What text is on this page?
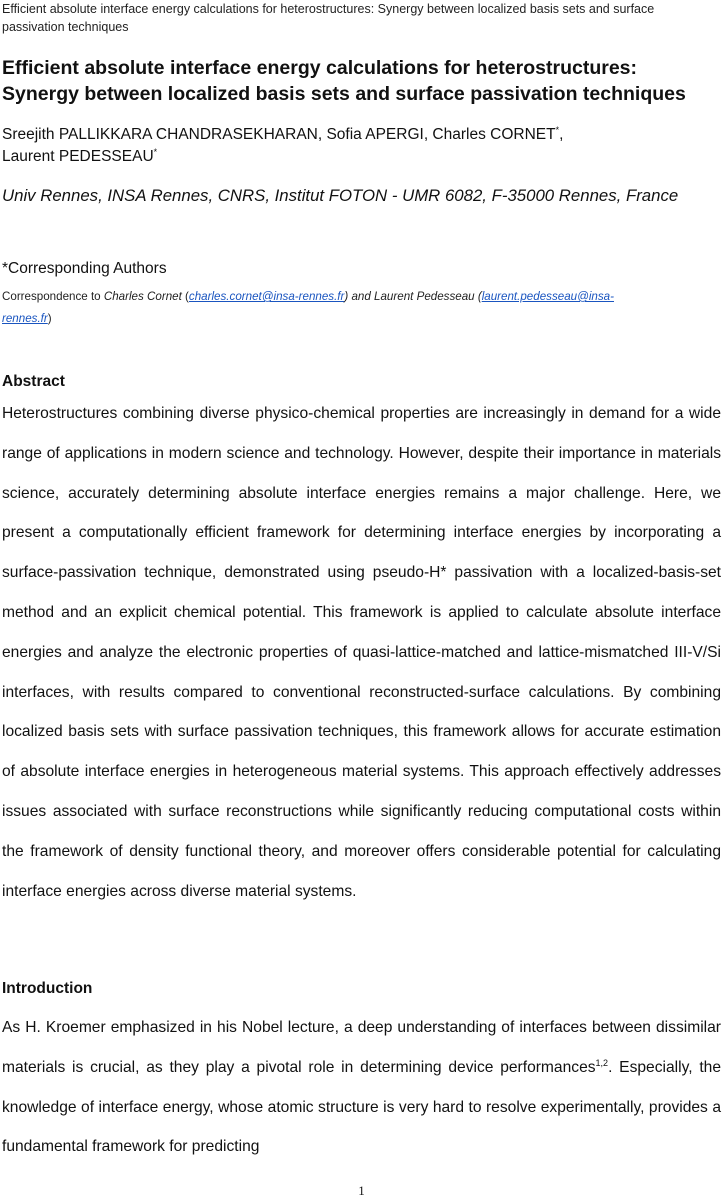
Efficient absolute interface energy calculations for heterostructures: Synergy between localized basis sets and surface passivation techniques
Efficient absolute interface energy calculations for heterostructures: Synergy between localized basis sets and surface passivation techniques
Sreejith PALLIKKARA CHANDRASEKHARAN, Sofia APERGI, Charles CORNET*,
Laurent PEDESSEAU*
Univ Rennes, INSA Rennes, CNRS, Institut FOTON - UMR 6082, F-35000 Rennes, France
*Corresponding Authors
Correspondence to Charles Cornet (charles.cornet@insa-rennes.fr) and Laurent Pedesseau (laurent.pedesseau@insa-
rennes.fr)
Abstract

Heterostructures combining diverse physico-chemical properties are increasingly in demand for a wide range of applications in modern science and technology. However, despite their importance in materials science, accurately determining absolute interface energies remains a major challenge. Here, we present a computationally efficient framework for determining interface energies by incorporating a surface-passivation technique, demonstrated using pseudo-H* passivation with a localized-basis-set method and an explicit chemical potential. This framework is applied to calculate absolute interface energies and analyze the electronic properties of quasi-lattice-matched and lattice-mismatched III-V/Si interfaces, with results compared to conventional reconstructed-surface calculations. By combining localized basis sets with surface passivation techniques, this framework allows for accurate estimation of absolute interface energies in heterogeneous material systems. This approach effectively addresses issues associated with surface reconstructions while significantly reducing computational costs within the framework of density functional theory, and moreover offers considerable potential for calculating interface energies across diverse material systems.

Introduction

As H. Kroemer emphasized in his Nobel lecture, a deep understanding of interfaces between dissimilar materials is crucial, as they play a pivotal role in determining device performances$^{1,2}$. Especially, the knowledge of interface energy, whose atomic structure is very hard to resolve experimentally, provides a fundamental framework for predicting

1
